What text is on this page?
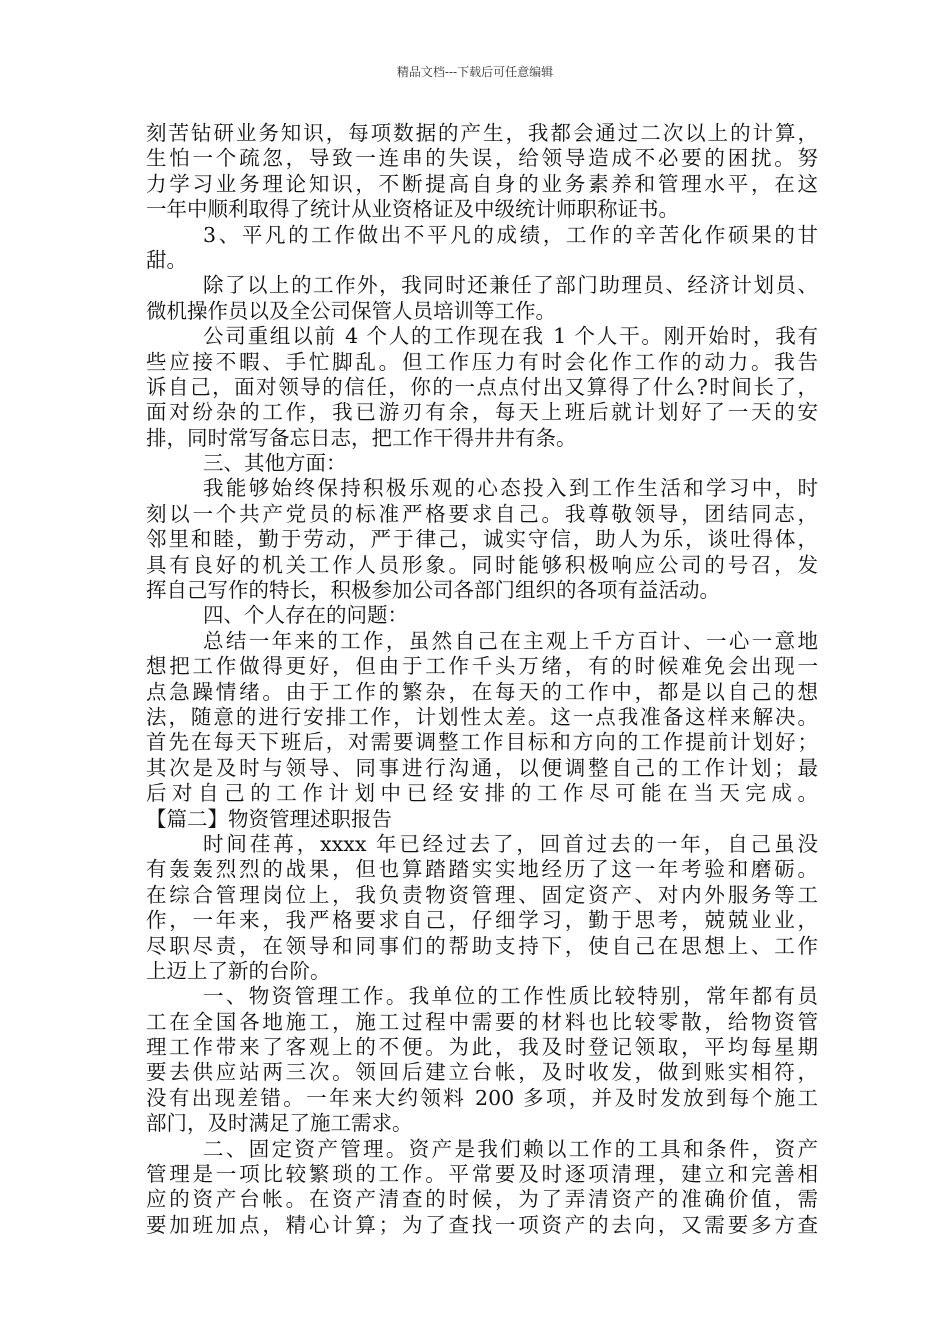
精品文档---下载后可任意编辑
刻苦钻研业务知识，每项数据的产生，我都会通过二次以上的计算，
生怕一个疏忽，导致一连串的失误，给领导造成不必要的困扰。努
力学习业务理论知识，不断提高自身的业务素养和管理水平，在这
一年中顺利取得了统计从业资格证及中级统计师职称证书。
3、平凡的工作做出不平凡的成绩，工作的辛苦化作硕果的甘
甜。
除了以上的工作外，我同时还兼任了部门助理员、经济计划员、
微机操作员以及全公司保管人员培训等工作。
公司重组以前 4 个人的工作现在我 1 个人干。刚开始时，我有
些应接不暇、手忙脚乱。但工作压力有时会化作工作的动力。我告
诉自己，面对领导的信任，你的一点点付出又算得了什么?时间长了，
面对纷杂的工作，我已游刃有余，每天上班后就计划好了一天的安
排，同时常写备忘日志，把工作干得井井有条。
三、其他方面：
我能够始终保持积极乐观的心态投入到工作生活和学习中，时
刻以一个共产党员的标准严格要求自己。我尊敬领导，团结同志，
邻里和睦，勤于劳动，严于律己，诚实守信，助人为乐，谈吐得体，
具有良好的机关工作人员形象。同时能够积极响应公司的号召，发
挥自己写作的特长，积极参加公司各部门组织的各项有益活动。
四、个人存在的问题：
总结一年来的工作，虽然自己在主观上千方百计、一心一意地
想把工作做得更好，但由于工作千头万绪，有的时候难免会出现一
点急躁情绪。由于工作的繁杂，在每天的工作中，都是以自己的想
法，随意的进行安排工作，计划性太差。这一点我准备这样来解决。
首先在每天下班后，对需要调整工作目标和方向的工作提前计划好；
其次是及时与领导、同事进行沟通，以便调整自己的工作计划；最
后对自己的工作计划中已经安排的工作尽可能在当天完成。
【篇二】物资管理述职报告
时间荏苒，xxxx 年已经过去了，回首过去的一年，自己虽没
有轰轰烈烈的战果，但也算踏踏实实地经历了这一年考验和磨砺。
在综合管理岗位上，我负责物资管理、固定资产、对内外服务等工
作，一年来，我严格要求自己，仔细学习，勤于思考，兢兢业业，
尽职尽责，在领导和同事们的帮助支持下，使自己在思想上、工作
上迈上了新的台阶。
一、物资管理工作。我单位的工作性质比较特别，常年都有员
工在全国各地施工，施工过程中需要的材料也比较零散，给物资管
理工作带来了客观上的不便。为此，我及时登记领取，平均每星期
要去供应站两三次。领回后建立台帐，及时收发，做到账实相符，
没有出现差错。一年来大约领料 200 多项，并及时发放到每个施工
部门，及时满足了施工需求。
二、固定资产管理。资产是我们赖以工作的工具和条件，资产
管理是一项比较繁琐的工作。平常要及时逐项清理，建立和完善相
应的资产台帐。在资产清查的时候，为了弄清资产的准确价值，需
要加班加点，精心计算；为了查找一项资产的去向，又需要多方查
